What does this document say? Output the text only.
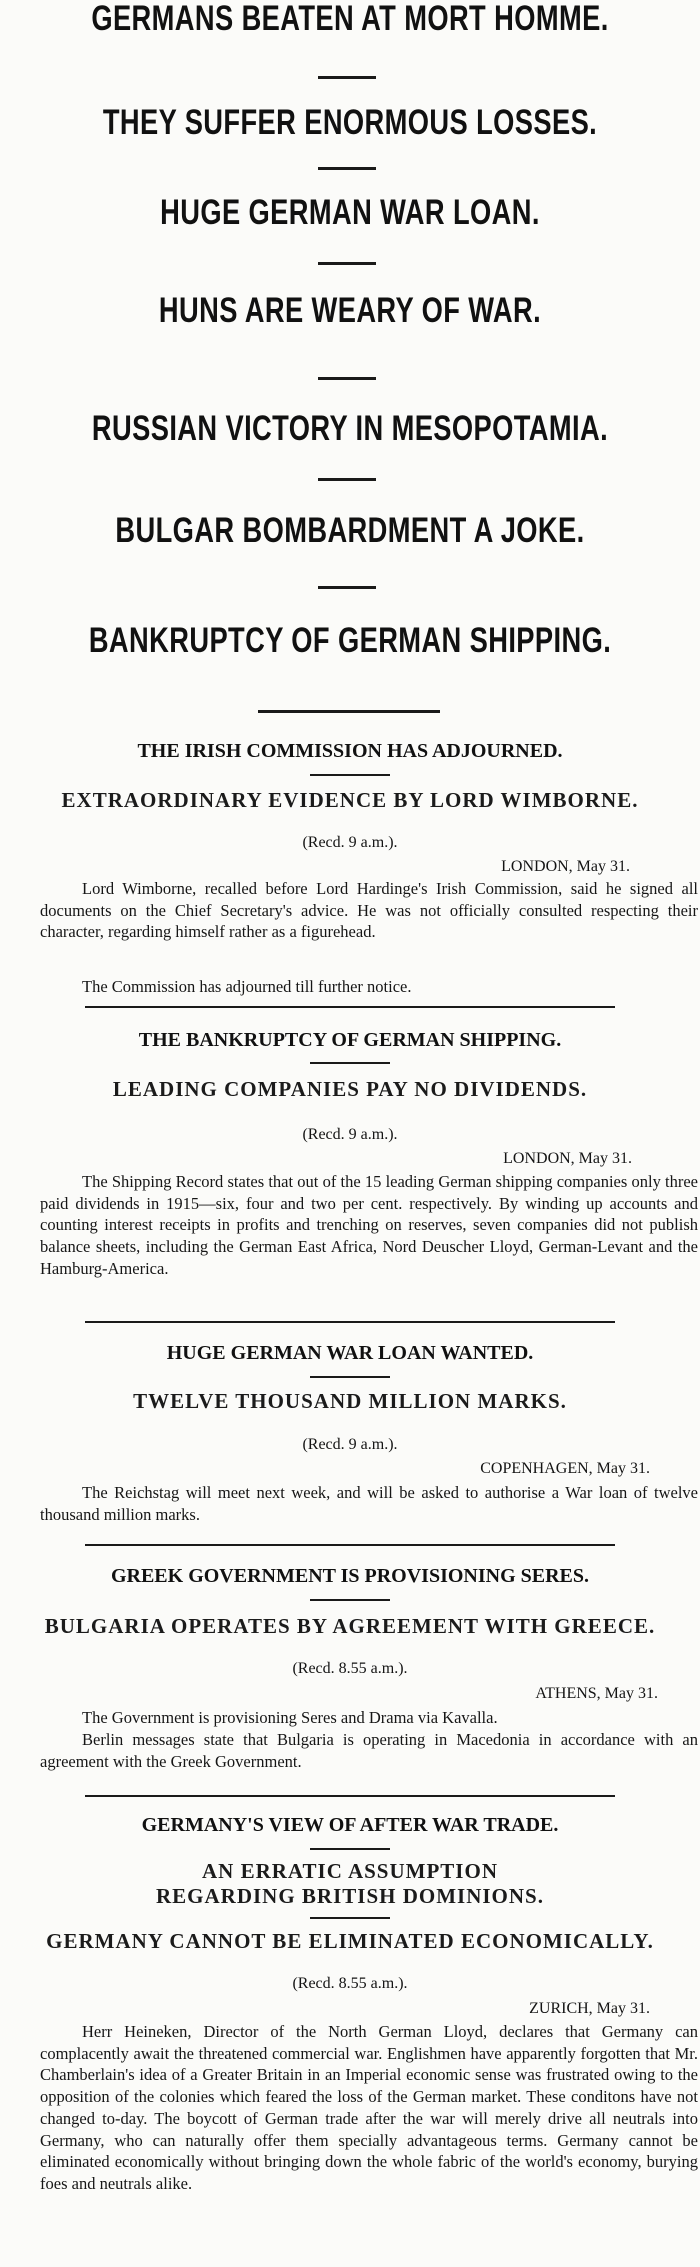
GERMANS BEATEN AT MORT HOMME.
THEY SUFFER ENORMOUS LOSSES.
HUGE GERMAN WAR LOAN.
HUNS ARE WEARY OF WAR.
RUSSIAN VICTORY IN MESOPOTAMIA.
BULGAR BOMBARDMENT A JOKE.
BANKRUPTCY OF GERMAN SHIPPING.
THE IRISH COMMISSION HAS ADJOURNED.
EXTRAORDINARY EVIDENCE BY LORD WIMBORNE.

(Recd. 9 a.m.).

LONDON, May 31.

Lord Wimborne, recalled before Lord Hardinge's Irish Commission, said he signed all documents on the Chief Secretary's advice. He was not officially consulted respecting their character, regarding himself rather as a figurehead.

The Commission has adjourned till further notice.

THE BANKRUPTCY OF GERMAN SHIPPING.
LEADING COMPANIES PAY NO DIVIDENDS.

(Recd. 9 a.m.).

LONDON, May 31.

The Shipping Record states that out of the 15 leading German shipping companies only three paid dividends in 1915—six, four and two per cent. respectively. By winding up accounts and counting interest receipts in profits and trenching on reserves, seven companies did not publish balance sheets, including the German East Africa, Nord Deuscher Lloyd, German-Levant and the Hamburg-America.

HUGE GERMAN WAR LOAN WANTED.
TWELVE THOUSAND MILLION MARKS.

(Recd. 9 a.m.).

COPENHAGEN, May 31.

The Reichstag will meet next week, and will be asked to authorise a War loan of twelve thousand million marks.

GREEK GOVERNMENT IS PROVISIONING SERES.
BULGARIA OPERATES BY AGREEMENT WITH GREECE.

(Recd. 8.55 a.m.).

ATHENS, May 31.

The Government is provisioning Seres and Drama via Kavalla.

Berlin messages state that Bulgaria is operating in Macedonia in accordance with an agreement with the Greek Government.

GERMANY'S VIEW OF AFTER WAR TRADE.
AN ERRATIC ASSUMPTION REGARDING BRITISH DOMINIONS.
GERMANY CANNOT BE ELIMINATED ECONOMICALLY.

(Recd. 8.55 a.m.).

ZURICH, May 31.

Herr Heineken, Director of the North German Lloyd, declares that Germany can complacently await the threatened commercial war. Englishmen have apparently forgotten that Mr. Chamberlain's idea of a Greater Britain in an Imperial economic sense was frustrated owing to the opposition of the colonies which feared the loss of the German market. These conditons have not changed to-day. The boycott of German trade after the war will merely drive all neutrals into Germany, who can naturally offer them specially advantageous terms. Germany cannot be eliminated economically without bringing down the whole fabric of the world's economy, burying foes and neutrals alike.
